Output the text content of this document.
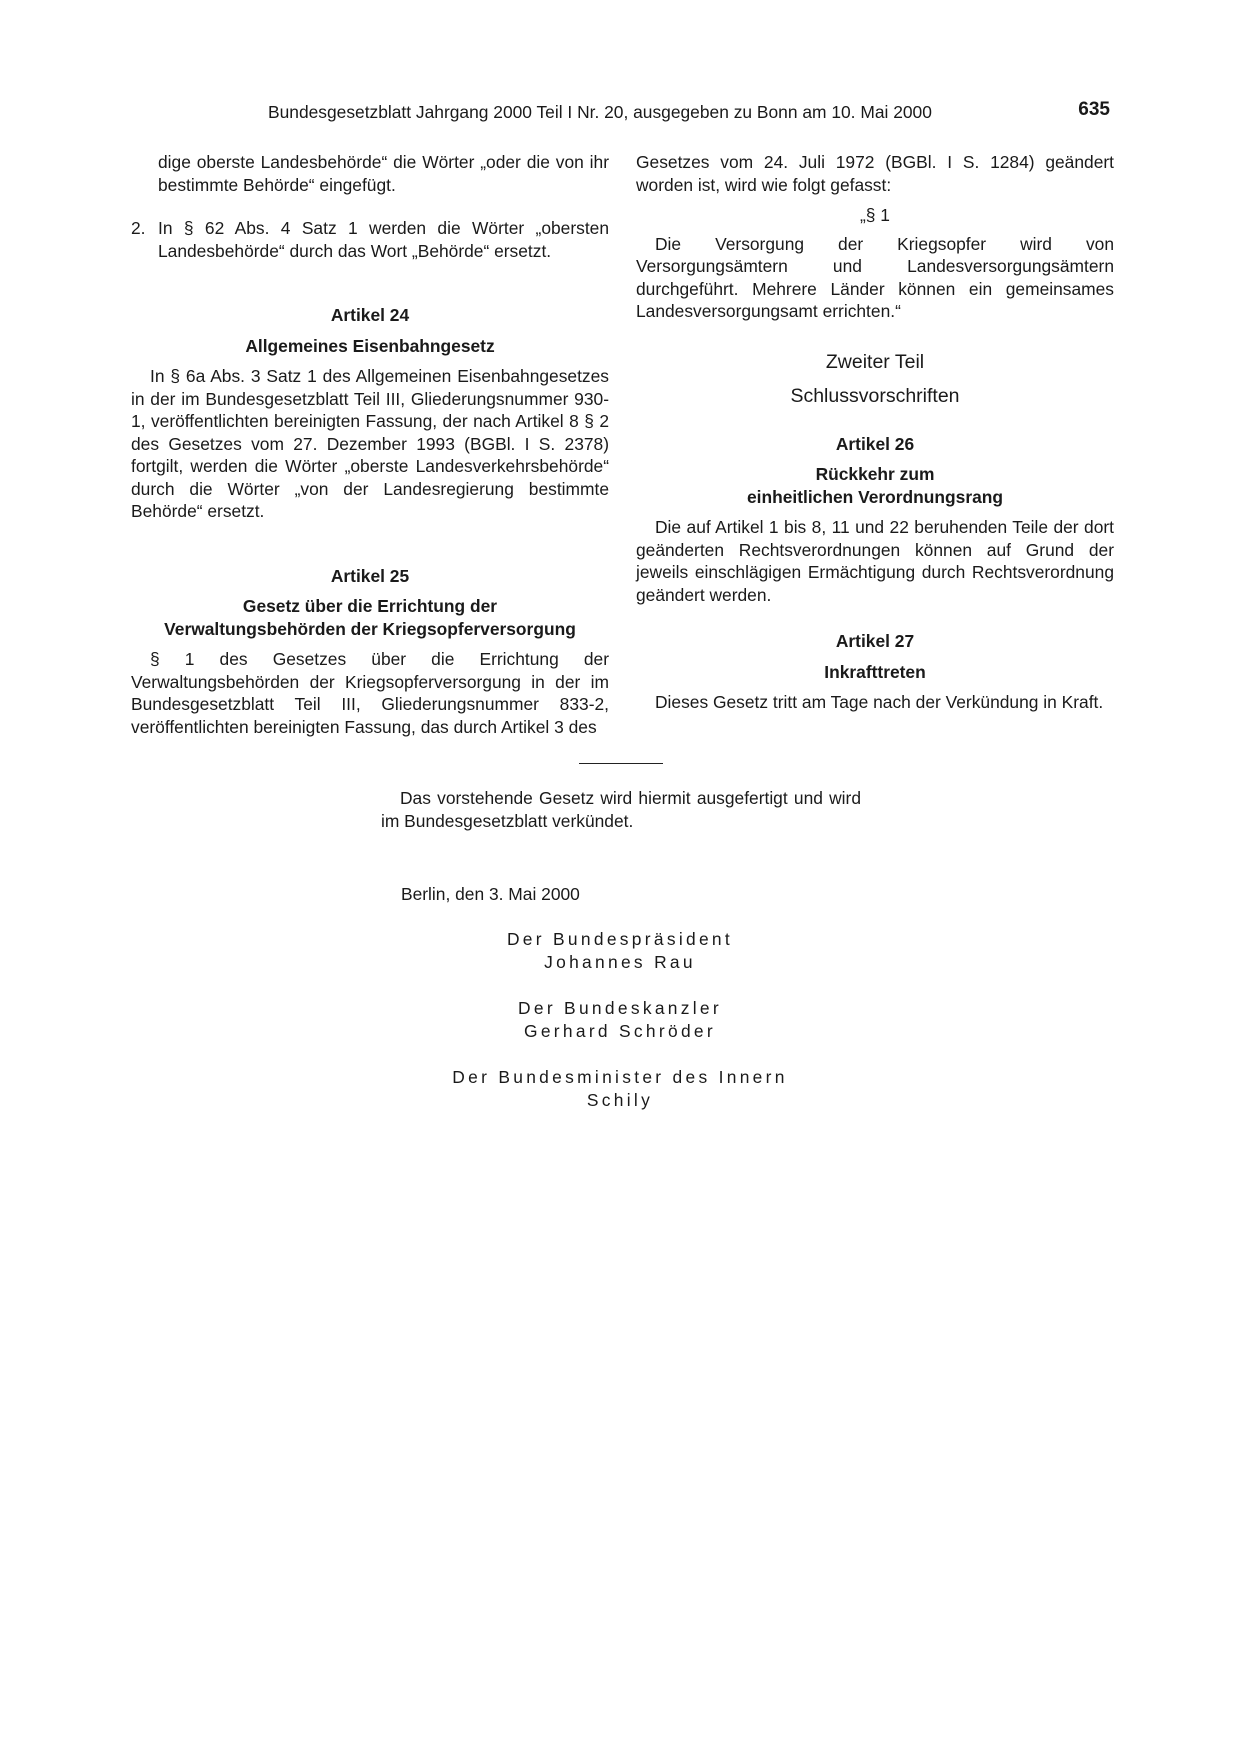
Bundesgesetzblatt Jahrgang 2000 Teil I Nr. 20, ausgegeben zu Bonn am 10. Mai 2000	635

dige oberste Landesbehörde“ die Wörter „oder die von ihr bestimmte Behörde“ eingefügt.

2. In § 62 Abs. 4 Satz 1 werden die Wörter „obersten Landesbehörde“ durch das Wort „Behörde“ ersetzt.

Artikel 24

Allgemeines Eisenbahngesetz

In § 6a Abs. 3 Satz 1 des Allgemeinen Eisenbahngesetzes in der im Bundesgesetzblatt Teil III, Gliederungsnummer 930-1, veröffentlichten bereinigten Fassung, der nach Artikel 8 § 2 des Gesetzes vom 27. Dezember 1993 (BGBl. I S. 2378) fortgilt, werden die Wörter „oberste Landesverkehrsbehörde“ durch die Wörter „von der Landesregierung bestimmte Behörde“ ersetzt.

Artikel 25

Gesetz über die Errichtung der

Verwaltungsbehörden der Kriegsopferversorgung

§ 1 des Gesetzes über die Errichtung der Verwaltungsbehörden der Kriegsopferversorgung in der im Bundesgesetzblatt Teil III, Gliederungsnummer 833-2, veröffentlichten bereinigten Fassung, das durch Artikel 3 des

Gesetzes vom 24. Juli 1972 (BGBl. I S. 1284) geändert worden ist, wird wie folgt gefasst:

„§ 1

Die Versorgung der Kriegsopfer wird von Versorgungsämtern und Landesversorgungsämtern durchgeführt. Mehrere Länder können ein gemeinsames Landesversorgungsamt errichten.“

Zweiter Teil

Schlussvorschriften

Artikel 26

Rückkehr zum

einheitlichen Verordnungsrang

Die auf Artikel 1 bis 8, 11 und 22 beruhenden Teile der dort geänderten Rechtsverordnungen können auf Grund der jeweils einschlägigen Ermächtigung durch Rechtsverordnung geändert werden.

Artikel 27

Inkrafttreten

Dieses Gesetz tritt am Tage nach der Verkündung in Kraft.

Das vorstehende Gesetz wird hiermit ausgefertigt und wird im Bundesgesetzblatt verkündet.

Berlin, den 3. Mai 2000
Der Bundespräsident
Johannes Rau
Der Bundeskanzler
Gerhard Schröder
Der Bundesminister des Innern
Schily
